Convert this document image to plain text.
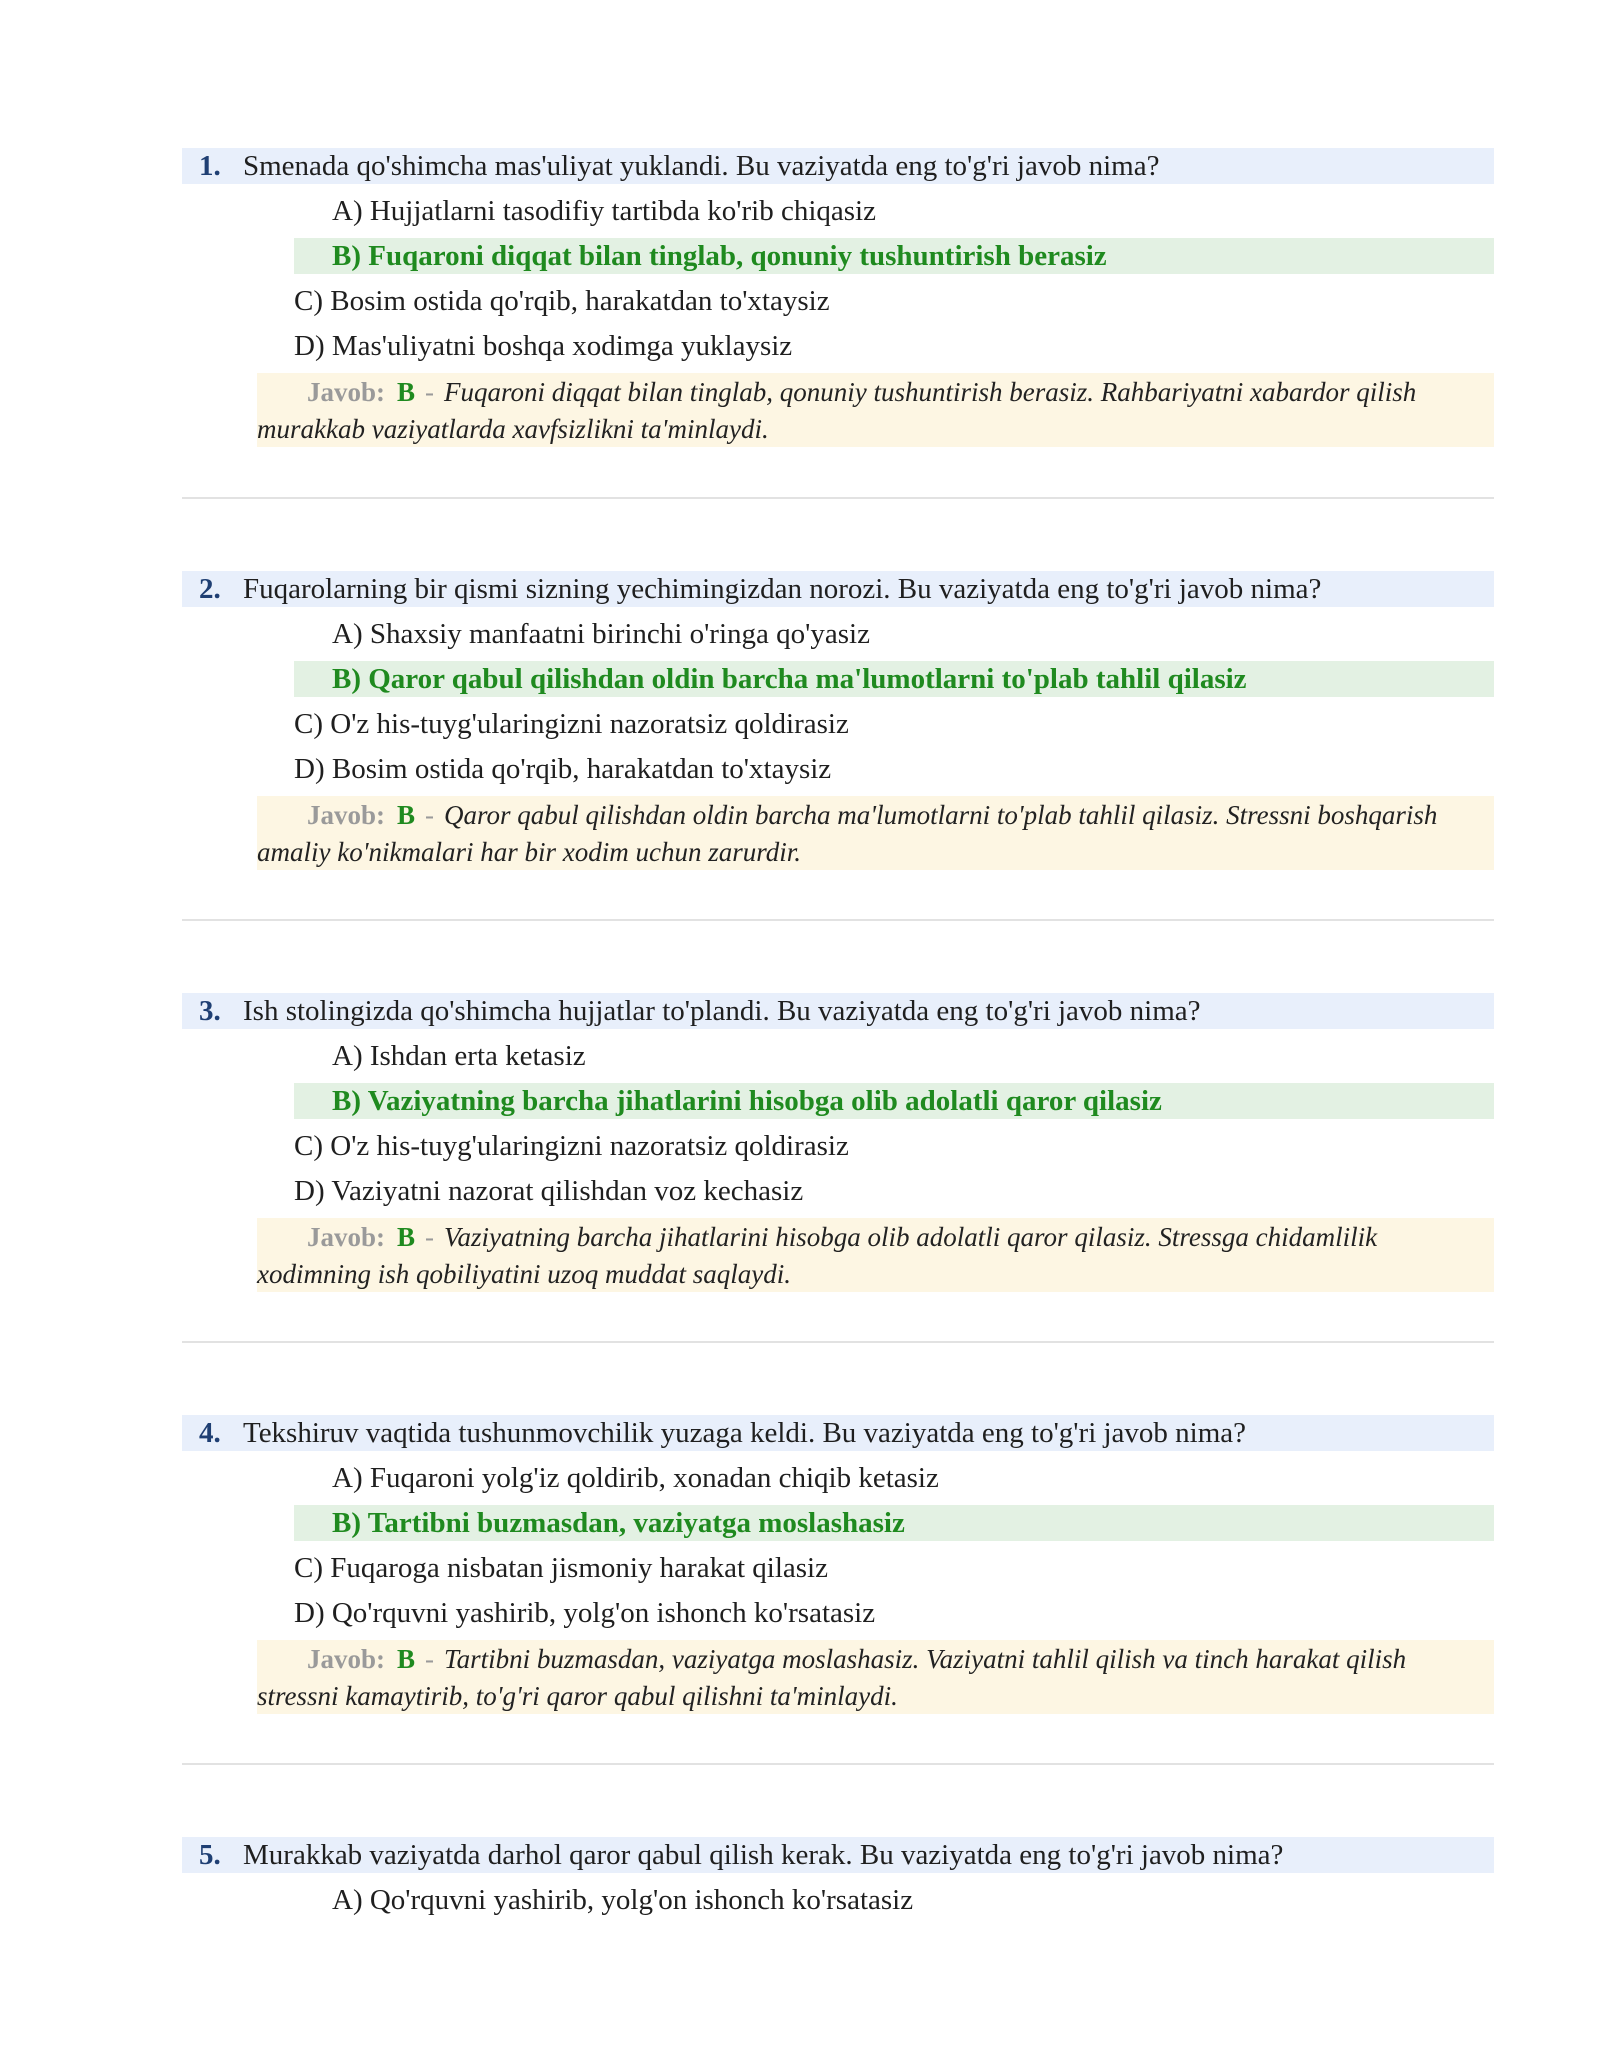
1. Smenada qo'shimcha mas'uliyat yuklandi. Bu vaziyatda eng to'g'ri javob nima?
A) Hujjatlarni tasodifiy tartibda ko'rib chiqasiz
B) Fuqaroni diqqat bilan tinglab, qonuniy tushuntirish berasiz
C) Bosim ostida qo'rqib, harakatdan to'xtaysiz
D) Mas'uliyatni boshqa xodimga yuklaysiz
Javob: B - Fuqaroni diqqat bilan tinglab, qonuniy tushuntirish berasiz. Rahbariyatni xabardor qilish murakkab vaziyatlarda xavfsizlikni ta'minlaydi.
2. Fuqarolarning bir qismi sizning yechimingizdan norozi. Bu vaziyatda eng to'g'ri javob nima?
A) Shaxsiy manfaatni birinchi o'ringa qo'yasiz
B) Qaror qabul qilishdan oldin barcha ma'lumotlarni to'plab tahlil qilasiz
C) O'z his-tuyg'ularingizni nazoratsiz qoldirasiz
D) Bosim ostida qo'rqib, harakatdan to'xtaysiz
Javob: B - Qaror qabul qilishdan oldin barcha ma'lumotlarni to'plab tahlil qilasiz. Stressni boshqarish amaliy ko'nikmalari har bir xodim uchun zarurdir.
3. Ish stolingizda qo'shimcha hujjatlar to'plandi. Bu vaziyatda eng to'g'ri javob nima?
A) Ishdan erta ketasiz
B) Vaziyatning barcha jihatlarini hisobga olib adolatli qaror qilasiz
C) O'z his-tuyg'ularingizni nazoratsiz qoldirasiz
D) Vaziyatni nazorat qilishdan voz kechasiz
Javob: B - Vaziyatning barcha jihatlarini hisobga olib adolatli qaror qilasiz. Stressga chidamlilik xodimning ish qobiliyatini uzoq muddat saqlaydi.
4. Tekshiruv vaqtida tushunmovchilik yuzaga keldi. Bu vaziyatda eng to'g'ri javob nima?
A) Fuqaroni yolg'iz qoldirib, xonadan chiqib ketasiz
B) Tartibni buzmasdan, vaziyatga moslashasiz
C) Fuqaroga nisbatan jismoniy harakat qilasiz
D) Qo'rquvni yashirib, yolg'on ishonch ko'rsatasiz
Javob: B - Tartibni buzmasdan, vaziyatga moslashasiz. Vaziyatni tahlil qilish va tinch harakat qilish stressni kamaytirib, to'g'ri qaror qabul qilishni ta'minlaydi.
5. Murakkab vaziyatda darhol qaror qabul qilish kerak. Bu vaziyatda eng to'g'ri javob nima?
A) Qo'rquvni yashirib, yolg'on ishonch ko'rsatasiz
